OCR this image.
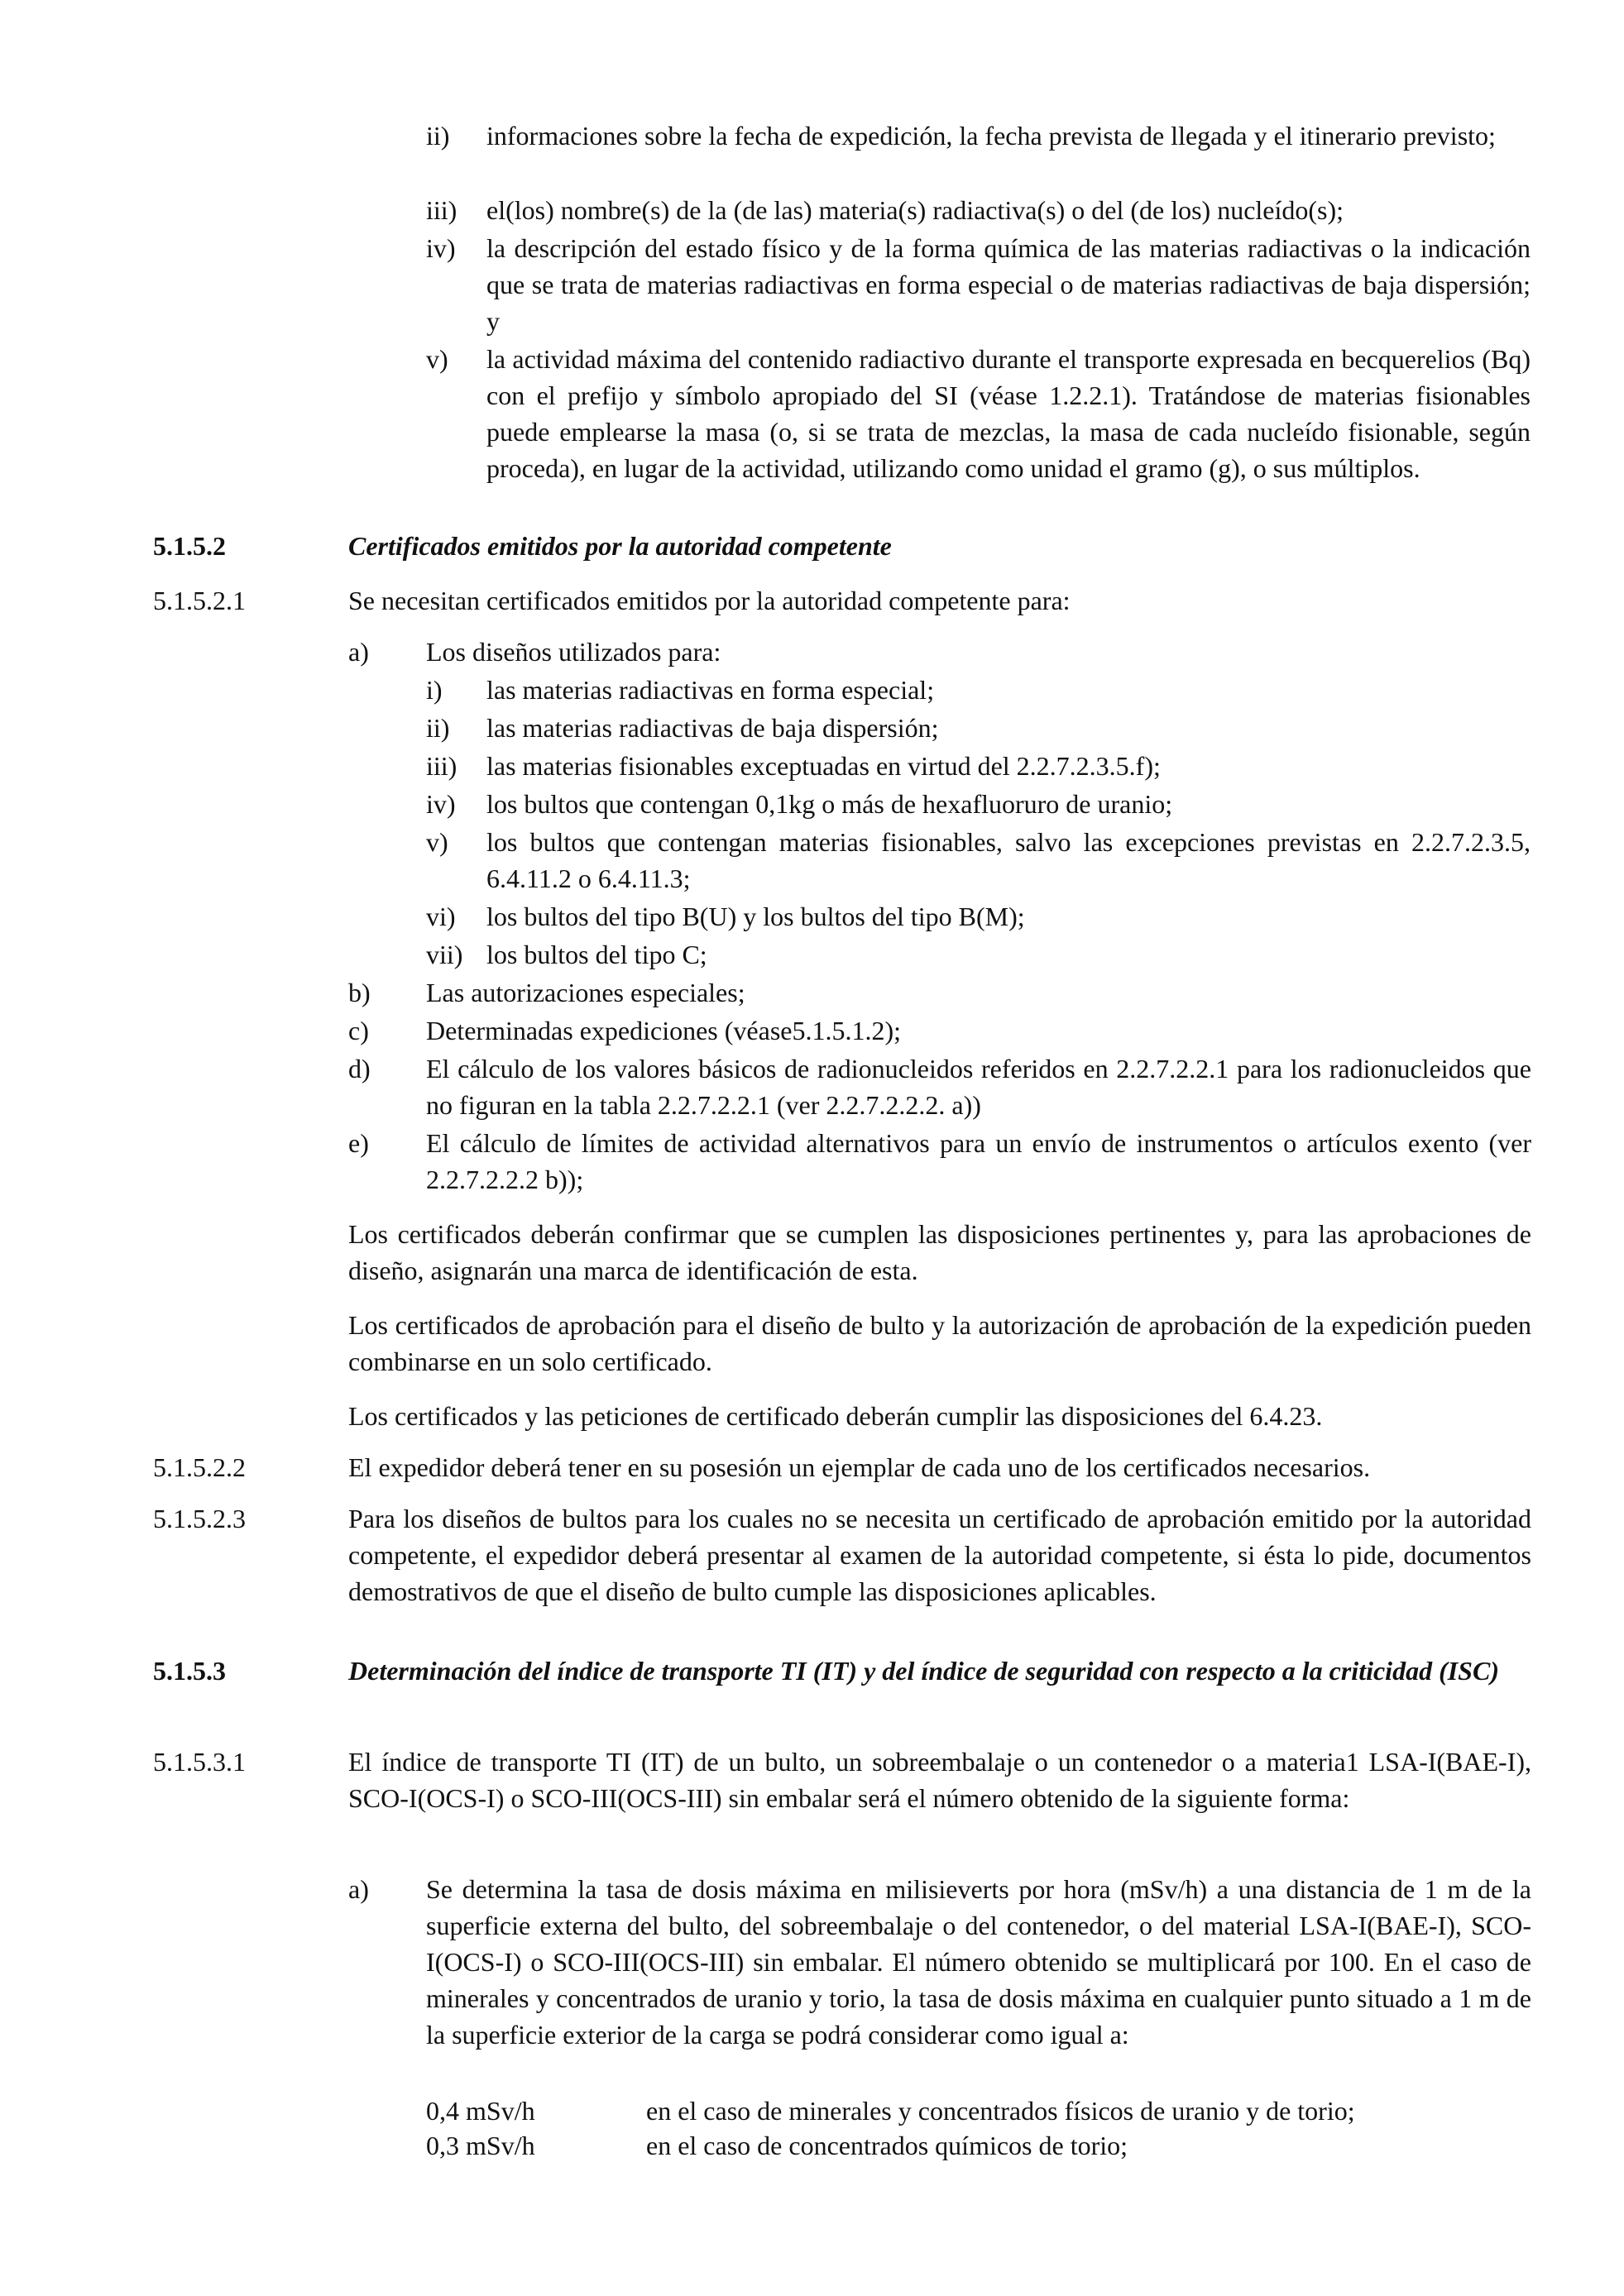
ii) informaciones sobre la fecha de expedición, la fecha prevista de llegada y el itinerario previsto;
iii) el(los) nombre(s) de la (de las) materia(s) radiactiva(s) o del (de los) nucleído(s);
iv) la descripción del estado físico y de la forma química de las materias radiactivas o la indicación que se trata de materias radiactivas en forma especial o de materias radiactivas de baja dispersión; y
v) la actividad máxima del contenido radiactivo durante el transporte expresada en becquerelios (Bq) con el prefijo y símbolo apropiado del SI (véase 1.2.2.1). Tratándose de materias fisionables puede emplearse la masa (o, si se trata de mezclas, la masa de cada nucleído fisionable, según proceda), en lugar de la actividad, utilizando como unidad el gramo (g), o sus múltiplos.
5.1.5.2	Certificados emitidos por la autoridad competente
5.1.5.2.1	Se necesitan certificados emitidos por la autoridad competente para:
a) Los diseños utilizados para:
i) las materias radiactivas en forma especial;
ii) las materias radiactivas de baja dispersión;
iii) las materias fisionables exceptuadas en virtud del 2.2.7.2.3.5.f);
iv) los bultos que contengan 0,1kg o más de hexafluoruro de uranio;
v) los bultos que contengan materias fisionables, salvo las excepciones previstas en 2.2.7.2.3.5, 6.4.11.2 o 6.4.11.3;
vi) los bultos del tipo B(U) y los bultos del tipo B(M);
vii) los bultos del tipo C;
b) Las autorizaciones especiales;
c) Determinadas expediciones (véase5.1.5.1.2);
d) El cálculo de los valores básicos de radionucleidos referidos en 2.2.7.2.2.1 para los radionucleidos que no figuran en la tabla 2.2.7.2.2.1 (ver 2.2.7.2.2.2. a))
e) El cálculo de límites de actividad alternativos para un envío de instrumentos o artículos exento (ver 2.2.7.2.2.2 b));
Los certificados deberán confirmar que se cumplen las disposiciones pertinentes y, para las aprobaciones de diseño, asignarán una marca de identificación de esta.
Los certificados de aprobación para el diseño de bulto y la autorización de aprobación de la expedición pueden combinarse en un solo certificado.
Los certificados y las peticiones de certificado deberán cumplir las disposiciones del 6.4.23.
5.1.5.2.2	El expedidor deberá tener en su posesión un ejemplar de cada uno de los certificados necesarios.
5.1.5.2.3	Para los diseños de bultos para los cuales no se necesita un certificado de aprobación emitido por la autoridad competente, el expedidor deberá presentar al examen de la autoridad competente, si ésta lo pide, documentos demostrativos de que el diseño de bulto cumple las disposiciones aplicables.
5.1.5.3	Determinación del índice de transporte TI (IT) y del índice de seguridad con respecto a la criticidad (ISC)
5.1.5.3.1	El índice de transporte TI (IT) de un bulto, un sobreembalaje o un contenedor o a materia1 LSA-I(BAE-I), SCO-I(OCS-I) o SCO-III(OCS-III) sin embalar será el número obtenido de la siguiente forma:
a) Se determina la tasa de dosis máxima en milisieverts por hora (mSv/h) a una distancia de 1 m de la superficie externa del bulto, del sobreembalaje o del contenedor, o del material LSA-I(BAE-I), SCO-I(OCS-I) o SCO-III(OCS-III) sin embalar. El número obtenido se multiplicará por 100. En el caso de minerales y concentrados de uranio y torio, la tasa de dosis máxima en cualquier punto situado a 1 m de la superficie exterior de la carga se podrá considerar como igual a:
0,4 mSv/h	en el caso de minerales y concentrados físicos de uranio y de torio;
0,3 mSv/h	en el caso de concentrados químicos de torio;
